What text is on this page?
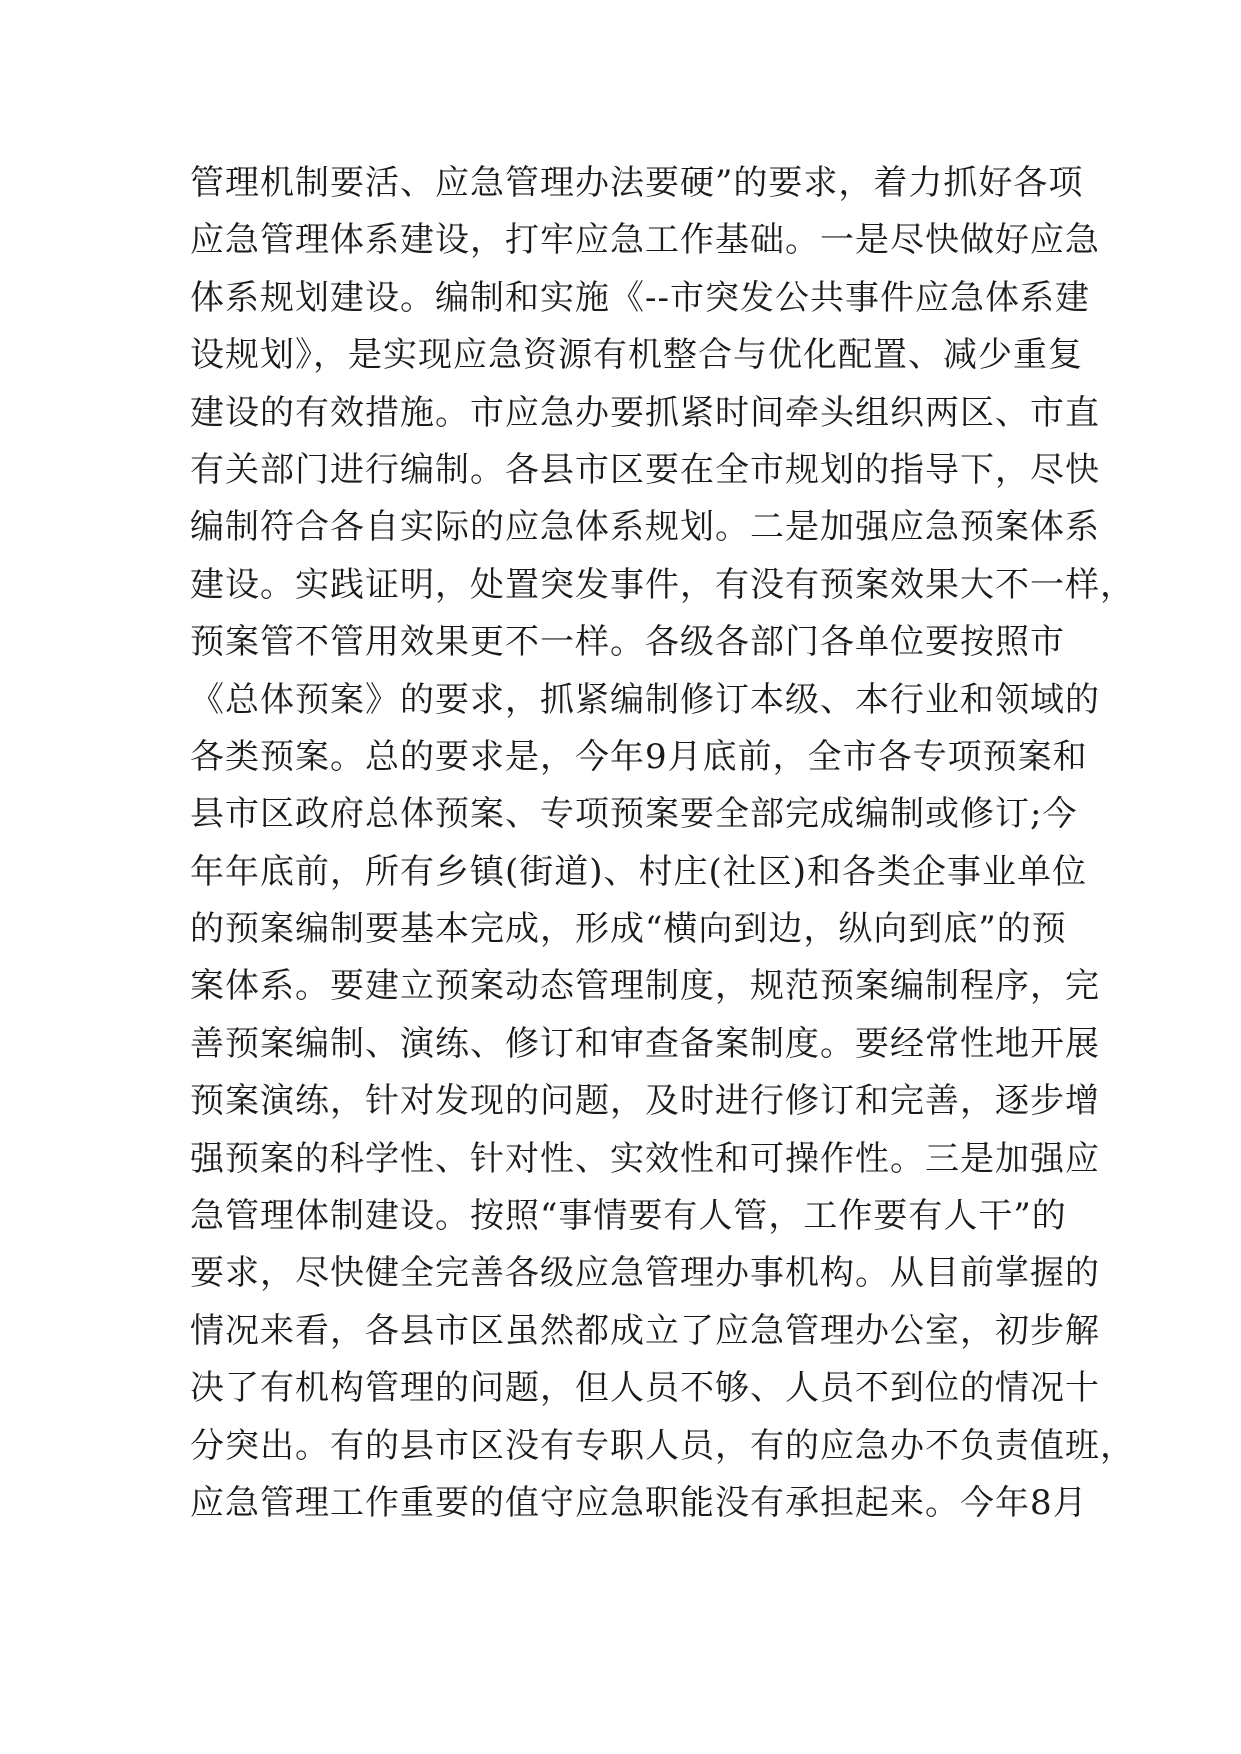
管理机制要活、应急管理办法要硬”的要求，着力抓好各项
应急管理体系建设，打牢应急工作基础。一是尽快做好应急
体系规划建设。编制和实施《--市突发公共事件应急体系建
设规划》，是实现应急资源有机整合与优化配置、减少重复
建设的有效措施。市应急办要抓紧时间牵头组织两区、市直
有关部门进行编制。各县市区要在全市规划的指导下，尽快
编制符合各自实际的应急体系规划。二是加强应急预案体系
建设。实践证明，处置突发事件，有没有预案效果大不一样，
预案管不管用效果更不一样。各级各部门各单位要按照市
《总体预案》的要求，抓紧编制修订本级、本行业和领域的
各类预案。总的要求是，今年9月底前，全市各专项预案和
县市区政府总体预案、专项预案要全部完成编制或修订;今
年年底前，所有乡镇(街道)、村庄(社区)和各类企事业单位
的预案编制要基本完成，形成“横向到边，纵向到底”的预
案体系。要建立预案动态管理制度，规范预案编制程序，完
善预案编制、演练、修订和审查备案制度。要经常性地开展
预案演练，针对发现的问题，及时进行修订和完善，逐步增
强预案的科学性、针对性、实效性和可操作性。三是加强应
急管理体制建设。按照“事情要有人管，工作要有人干”的
要求，尽快健全完善各级应急管理办事机构。从目前掌握的
情况来看，各县市区虽然都成立了应急管理办公室，初步解
决了有机构管理的问题，但人员不够、人员不到位的情况十
分突出。有的县市区没有专职人员，有的应急办不负责值班，
应急管理工作重要的值守应急职能没有承担起来。今年8月
